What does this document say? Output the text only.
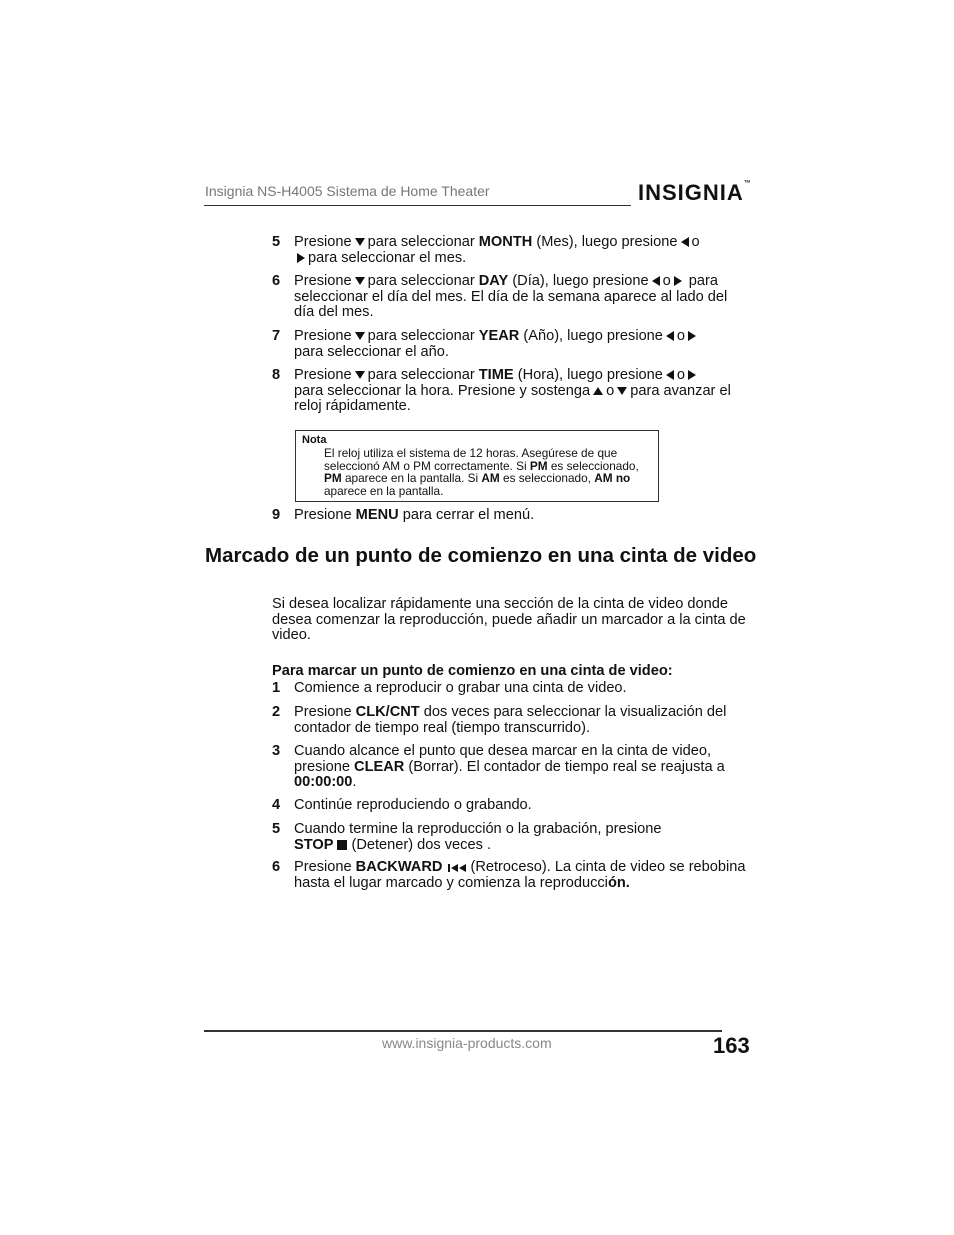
Insignia NS-H4005 Sistema de Home Theater	INSIGNIA™
5 Presione para seleccionar MONTH (Mes), luego presione o
para seleccionar el mes.
6 Presione para seleccionar DAY (Día), luego presione o para seleccionar el día del mes. El día de la semana aparece al lado del día del mes.
7 Presione para seleccionar YEAR (Año), luego presione o
para seleccionar el año.
8 Presione para seleccionar TIME (Hora), luego presione o
para seleccionar la hora. Presione y sostenga o para avanzar el reloj rápidamente.
Nota
El reloj utiliza el sistema de 12 horas. Asegúrese de que seleccionó AM o PM correctamente. Si PM es seleccionado, PM aparece en la pantalla. Si AM es seleccionado, AM no aparece en la pantalla.
9 Presione MENU para cerrar el menú.
Marcado de un punto de comienzo en una cinta de video
Si desea localizar rápidamente una sección de la cinta de video donde desea comenzar la reproducción, puede añadir un marcador a la cinta de video.
Para marcar un punto de comienzo en una cinta de video:
1 Comience a reproducir o grabar una cinta de video.
2 Presione CLK/CNT dos veces para seleccionar la visualización del contador de tiempo real (tiempo transcurrido).
3 Cuando alcance el punto que desea marcar en la cinta de video, presione CLEAR (Borrar). El contador de tiempo real se reajusta a 00:00:00.
4 Continúe reproduciendo o grabando.
5 Cuando termine la reproducción o la grabación, presione
STOP (Detener) dos veces .
6 Presione BACKWARD (Retroceso). La cinta de video se rebobina hasta el lugar marcado y comienza la reproducción.
www.insignia-products.com	163
